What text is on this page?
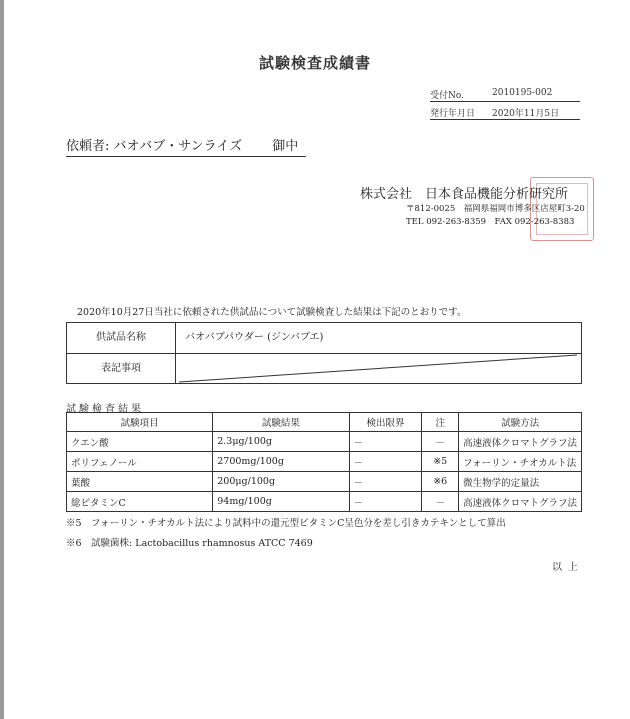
試験検査成績書
受付No.	2010195-002
発行年月日	2020年11月5日
依頼者: バオバブ・サンライズ 御中
株式会社　日本食品機能分析研究所
〒812-0025　福岡県福岡市博多区店屋町3-20
TEL 092-263-8359　FAX 092-263-8383
2020年10月27日当社に依頼された供試品について試験検査した結果は下記のとおりです。
供試品名称	バオバブパウダー (ジンバブエ)
表記事項
試験検査結果
試験項目	試験結果	検出限界	注	試験方法
クエン酸	2.3μg/100g	－	－	高速液体クロマトグラフ法
ポリフェノール	2700mg/100g	－	※5	フォーリン・チオカルト法
葉酸	200μg/100g	－	※6	微生物学的定量法
総ビタミンC	94mg/100g	－	－	高速液体クロマトグラフ法
※5　フォーリン・チオカルト法により試料中の還元型ビタミンC呈色分を差し引きカテキンとして算出
※6　試験菌株: Lactobacillus rhamnosus ATCC 7469
以上
